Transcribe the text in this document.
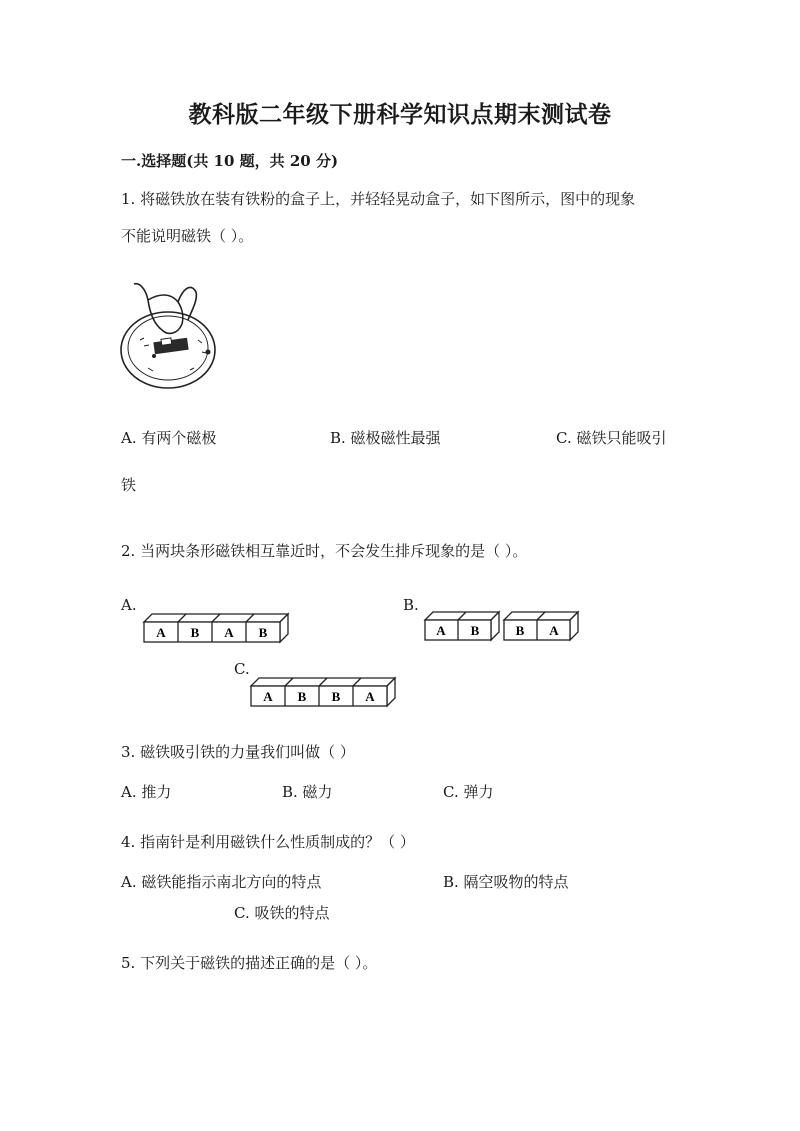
教科版二年级下册科学知识点期末测试卷
一.选择题(共 10 题，共 20 分)
1. 将磁铁放在装有铁粉的盒子上，并轻轻晃动盒子，如下图所示，图中的现象
不能说明磁铁（ ）。
A. 有两个磁极	B. 磁极磁性最强	C. 磁铁只能吸引
铁
2. 当两块条形磁铁相互靠近时，不会发生排斥现象的是（ ）。
A.	B.
C.
A B A B	A B	B A
A B B A
3. 磁铁吸引铁的力量我们叫做（ ）
A. 推力	B. 磁力	C. 弹力
4. 指南针是利用磁铁什么性质制成的？（ ）
A. 磁铁能指示南北方向的特点	B. 隔空吸物的特点
C. 吸铁的特点
5. 下列关于磁铁的描述正确的是（ ）。
